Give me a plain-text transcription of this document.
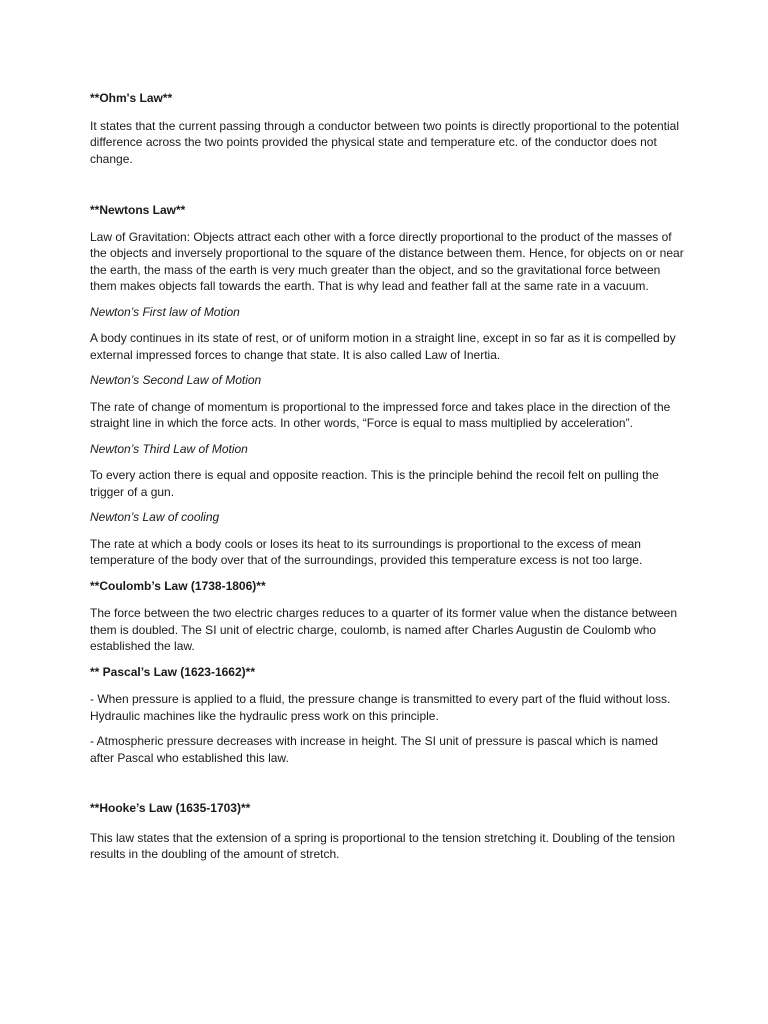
**Ohm's Law**

It states that the current passing through a conductor between two points is directly proportional to the potential difference across the two points provided the physical state and temperature etc. of the conductor does not change.

**Newtons Law**

Law of Gravitation: Objects attract each other with a force directly proportional to the product of the masses of the objects and inversely proportional to the square of the distance between them. Hence, for objects on or near the earth, the mass of the earth is very much greater than the object, and so the gravitational force between them makes objects fall towards the earth. That is why lead and feather fall at the same rate in a vacuum.

Newton’s First law of Motion

A body continues in its state of rest, or of uniform motion in a straight line, except in so far as it is compelled by external impressed forces to change that state. It is also called Law of Inertia.

Newton’s Second Law of Motion

The rate of change of momentum is proportional to the impressed force and takes place in the direction of the straight line in which the force acts. In other words, “Force is equal to mass multiplied by acceleration”.

Newton’s Third Law of Motion

To every action there is equal and opposite reaction. This is the principle behind the recoil felt on pulling the trigger of a gun.

Newton’s Law of cooling

The rate at which a body cools or loses its heat to its surroundings is proportional to the excess of mean temperature of the body over that of the surroundings, provided this temperature excess is not too large.

**Coulomb’s Law (1738-1806)**

The force between the two electric charges reduces to a quarter of its former value when the distance between them is doubled. The SI unit of electric charge, coulomb, is named after Charles Augustin de Coulomb who established the law.

** Pascal’s Law (1623-1662)**

- When pressure is applied to a fluid, the pressure change is transmitted to every part of the fluid without loss. Hydraulic machines like the hydraulic press work on this principle.

- Atmospheric pressure decreases with increase in height. The SI unit of pressure is pascal which is named after Pascal who established this law.

**Hooke’s Law (1635-1703)**

This law states that the extension of a spring is proportional to the tension stretching it. Doubling of the tension results in the doubling of the amount of stretch.
